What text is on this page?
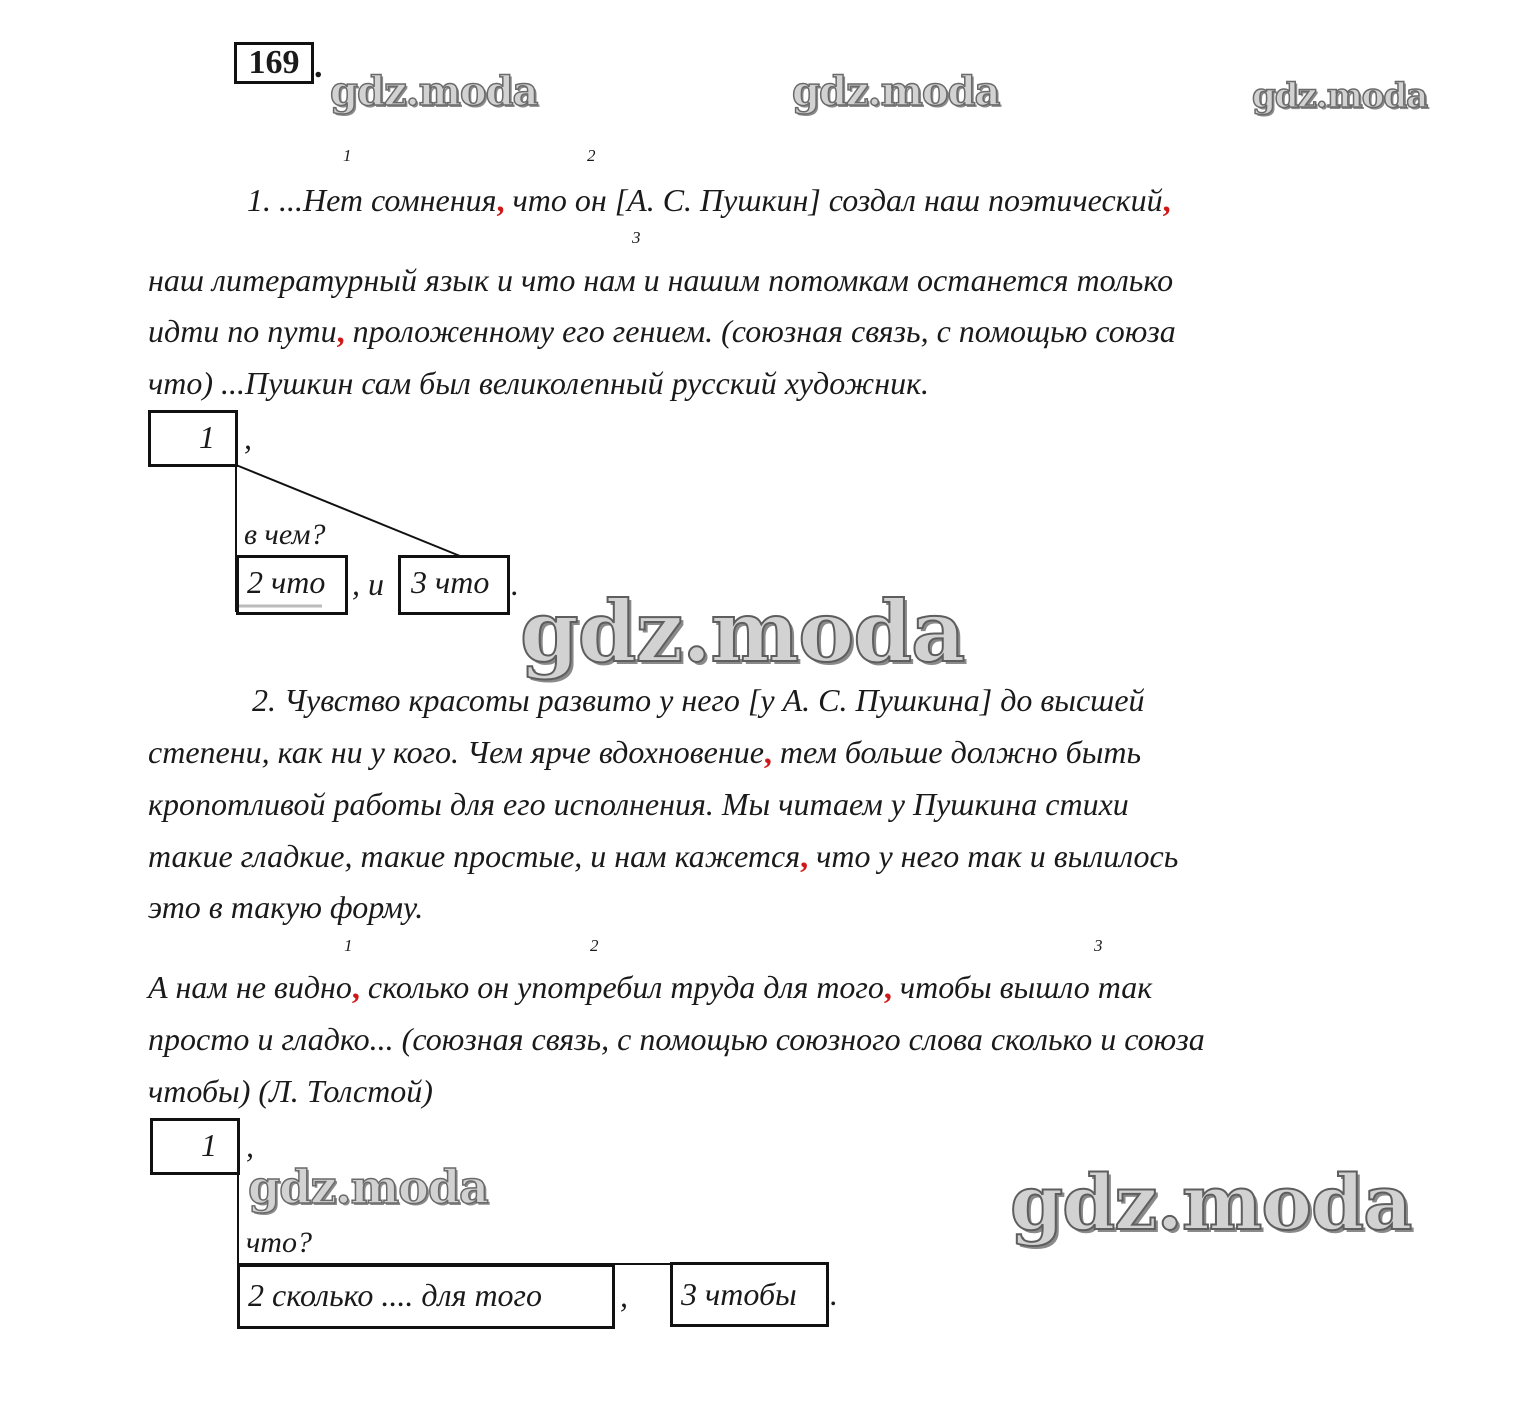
169 .
gdz.moda	gdz.moda	gdz.moda
1	2
1. ...Нет сомнения, что он [А. С. Пушкин] создал наш поэтический,
3
наш литературный язык и что нам и нашим потомкам останется только
идти по пути, проложенному его гением. (союзная связь, с помощью союза
что) ...Пушкин сам был великолепный русский художник.
1 ,
в чем?
2 что , и 3 что . gdz.moda
2. Чувство красоты развито у него [у А. С. Пушкина] до высшей
степени, как ни у кого. Чем ярче вдохновение, тем больше должно быть
кропотливой работы для его исполнения. Мы читаем у Пушкина стихи
такие гладкие, такие простые, и нам кажется, что у него так и вылилось
это в такую форму.
1	2	3
А нам не видно, сколько он употребил труда для того, чтобы вышло так
просто и гладко... (союзная связь, с помощью союзного слова сколько и союза
чтобы) (Л. Толстой)
1 ,
gdz.moda
что?
2 сколько .... для того	,	3 чтобы	.
gdz.moda
